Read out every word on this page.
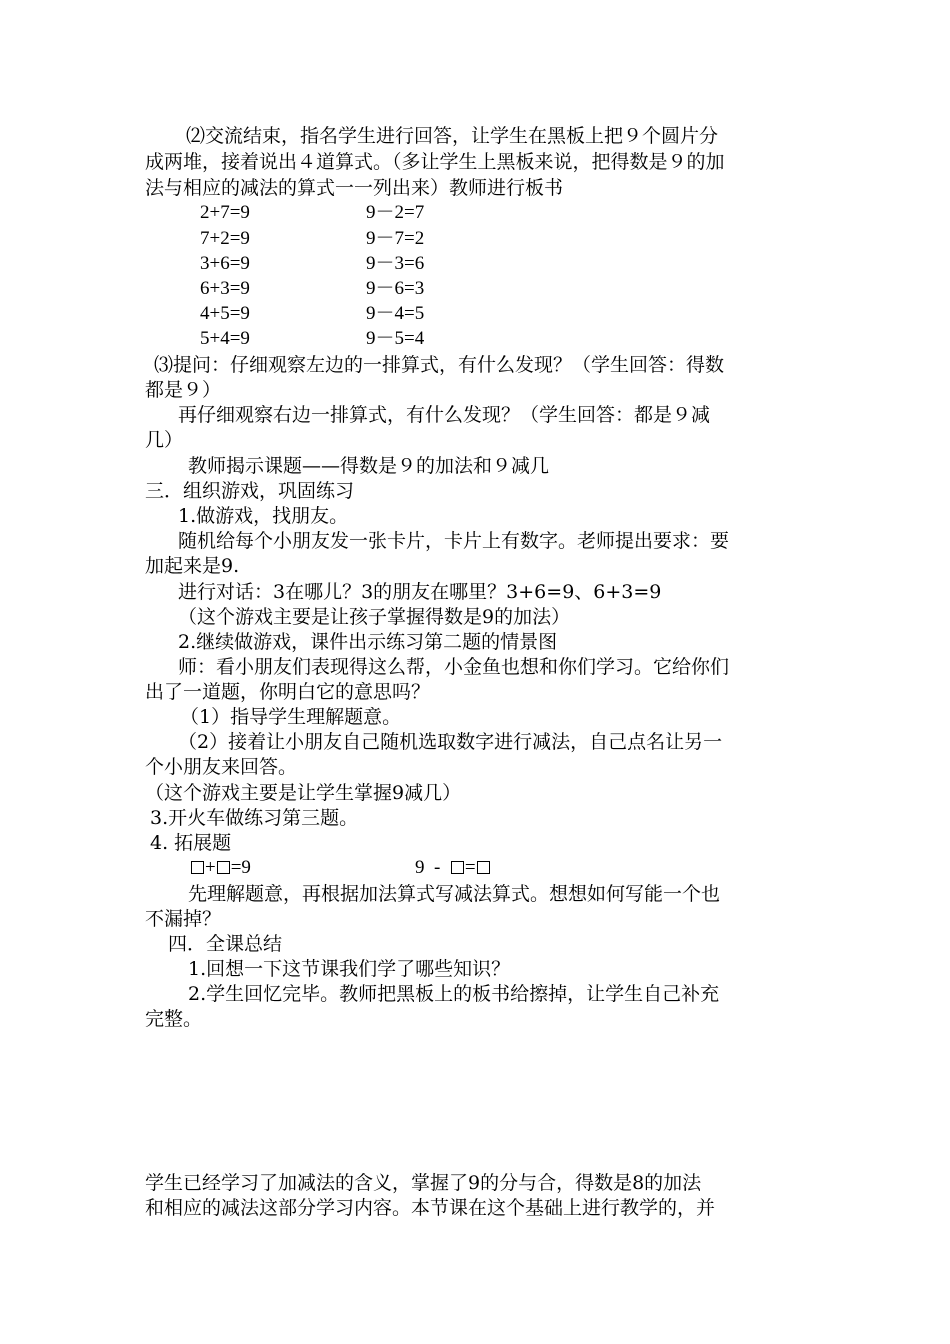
⑵交流结束，指名学生进行回答，让学生在黑板上把９个圆片分
成两堆，接着说出４道算式。（多让学生上黑板来说，把得数是９的加
法与相应的减法的算式一一列出来）教师进行板书
2+7=9
7+2=9
3+6=9
6+3=9
4+5=9
5+4=9
9－2=7
9－7=2
9－3=6
9－6=3
9－4=5
9－5=4
⑶提问：仔细观察左边的一排算式，有什么发现？（学生回答：得数
都是９）
再仔细观察右边一排算式，有什么发现？（学生回答：都是９减
几）
教师揭示课题——得数是９的加法和９减几
三．组织游戏，巩固练习
1.做游戏，找朋友。
随机给每个小朋友发一张卡片，卡片上有数字。老师提出要求：要
加起来是9.
进行对话：3在哪儿？3的朋友在哪里？3+6=9、6+3=9
（这个游戏主要是让孩子掌握得数是9的加法）
2.继续做游戏，课件出示练习第二题的情景图
师：看小朋友们表现得这么帮，小金鱼也想和你们学习。它给你们
出了一道题，你明白它的意思吗？
（1）指导学生理解题意。
（2）接着让小朋友自己随机选取数字进行减法，自己点名让另一
个小朋友来回答。
（这个游戏主要是让学生掌握9减几）
3.开火车做练习第三题。
4. 拓展题
+ =9	9  -  =
先理解题意，再根据加法算式写减法算式。想想如何写能一个也
不漏掉？
四．全课总结
1.回想一下这节课我们学了哪些知识？
2.学生回忆完毕。教师把黑板上的板书给擦掉，让学生自己补充
完整。
学生已经学习了加减法的含义，掌握了9的分与合，得数是8的加法
和相应的减法这部分学习内容。本节课在这个基础上进行教学的，并
